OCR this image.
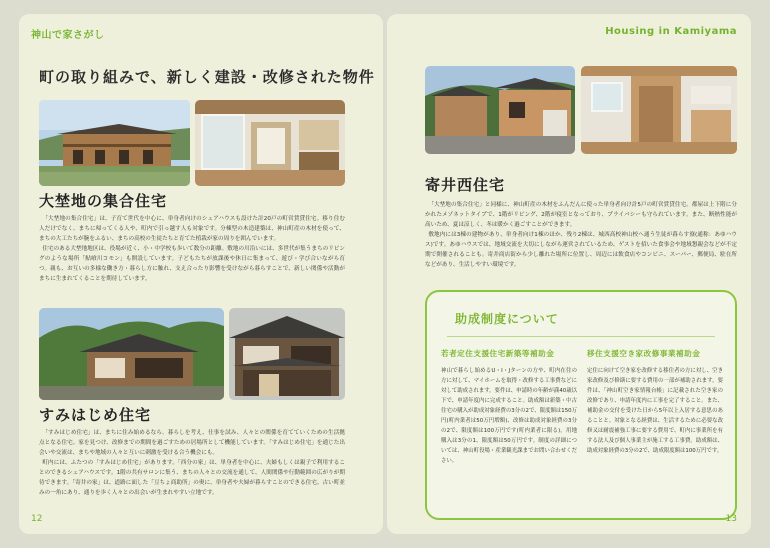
神山で家さがし
町の取り組みで、新しく建設・改修された物件
大埜地の集合住宅

「大埜地の集合住宅」は、子育て世代を中心に、単身者向けのシェアハウスも設けた計20戸の町営賃貸住宅。移り住む人だけでなく、まちに帰ってくる人や、町内で引っ越す人も対象です。分棟型の木造建築は、神山町産の木材を使って、まちの大工たちが腕をふるい、まちの高校の生徒たちと育てた植栽が家の周りを囲んでいます。

住宅のある大埜地地区は、役場が近く、小・中学校も歩いて数分の距離。敷地の川沿いには、多世代が集うまちのリビングのような場所「鮎喰川コモン」も開設しています。子どもたちが放課後や休日に集まって、遊び・学び合いながら育つ。親も、お互いの多様な働き方・暮らし方に触れ、支え合ったり影響を受けながら暮らすことで、新しい関係や活動がまちに生まれてくることを期待しています。

すみはじめ住宅

「すみはじめ住宅」は、まちに住み始めるなら、暮らしを考え、仕事を試み、人々との関係を育てていくための生活拠点となる住宅。家を見つけ、改修までの期間を過ごすための居場所として機能しています。「すみはじめ住宅」を通じた出会いや交流は、まちや地域の人々と互いに刺激を受ける合う機会にも。

町内には、ふたつの「すみはじめ住宅」があります。「西分の家」は、単身者を中心に、夫婦もしくは親子で利用することのできるシェアハウスです。1階の共有サロンに集う、まちの人々との交流を通して、人間関係や行動範囲の広がりが期待できます。「寄井の家」は、道路に面した「豆ちょ商助所」の奥に、単身者や夫婦が暮らすことのできる住宅。古い町並みの一角にあり、通りを歩く人々との出会いが生まれやすい立地です。

12
Housing in Kamiyama
寄井西住宅

「大埜地の集合住宅」と同様に、神山町産の木材をふんだんに使った単身者向け計5戸の町営賃貸住宅。都屋は上下階に分かれたメゾネットタイプで、1階がリビング、2階が寝室となっており、プライバシーも守られています。また、断熱性能が高いため、夏は涼しく、冬は暖かく過ごすことができます。

敷地内には3棟の建物があり、単身者向け1棟のほか、残り2棟は、城西高校神山校へ通う生徒が暮らす寮(通称：あゆハウス)です。あゆハウスでは、地域交流を大切にしながら運営されているため、ゲストを招いた食事会や地域懇親会などが不定期で開催されることも。寄井商店街から少し離れた場所に位置し、周辺には飲食店やコンビニ、スーパー、郵便局、駐在所などがあり、生活しやすい環境です。

助成制度について
若者定住支援住宅新築等補助金
神山で暮らし始めるU・I・Jターンの方や、町内在住の方に対して、マイホームを取得・改修する工事費などに対して助成されます。要件は、申請時の年齢が満40歳以下で、申請年度内に完成すること。助成額は新築・中古住宅の購入が助成対象経費の3分の2で、限度額は150万円(町内業者は50万円増額)、改修は助成対象経費の3分の2で、限度額は100万円です(町内業者に限る)。用地購入は3分の1、限度額は50万円です。制度の詳細については、神山町役場・産業観光課までお問い合わせください。
移住支援空き家改修事業補助金
定住に向けて空き家を改修する移住者の方に対し、空き家改修及び修繕に要する費用の一部が補助されます。要件は、「神山町空き家情報台帳」に記載された空き家の改修であり、申請年度内に工事を完了すること。また、補助金の交付を受けた日から5年以上入居する意思のあることと。対象となる経費は、生活するために必要な改修又は耐震補強工事に要する費用で、町内に事業所を有する法人及び個人事業主が施工する工事費。助成額は、助成対象経費の3分の2で、助成限度額は100万円です。
13
